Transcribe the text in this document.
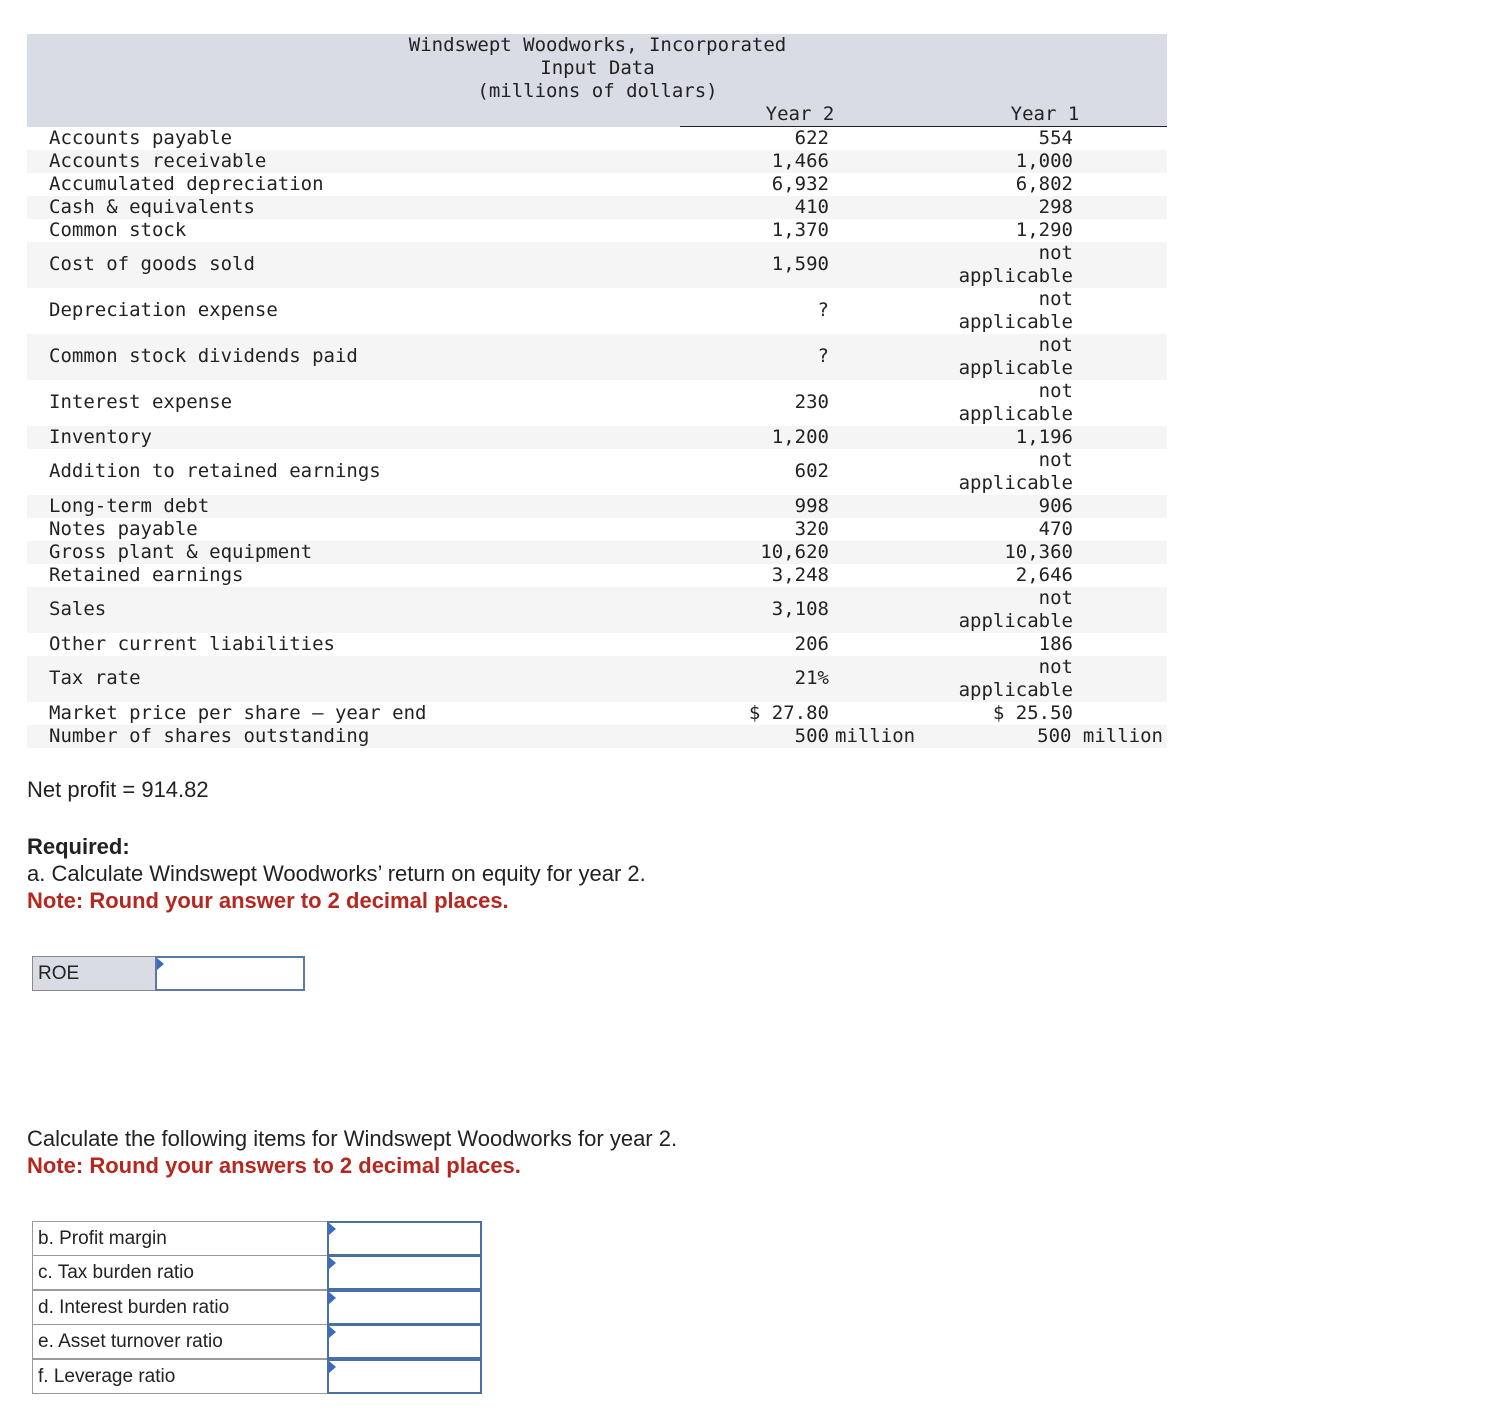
Windswept Woodworks, Incorporated
Input Data
(millions of dollars)
Year 2	Year 1
Accounts payable	622	554
Accounts receivable	1,466	1,000
Accumulated depreciation	6,932	6,802
Cash & equivalents	410	298
Common stock	1,370	1,290
Cost of goods sold	1,590	not
applicable
Depreciation expense	?	not
applicable
Common stock dividends paid	?	not
applicable
Interest expense	230	not
applicable
Inventory	1,200	1,196
Addition to retained earnings	602	not
applicable
Long-term debt	998	906
Notes payable	320	470
Gross plant & equipment	10,620	10,360
Retained earnings	3,248	2,646
Sales	3,108	not
applicable
Other current liabilities	206	186
Tax rate	21%	not
applicable
Market price per share – year end	$ 27.80	$ 25.50
Number of shares outstanding	500 million	500 million
Net profit = 914.82
Required:
a. Calculate Windswept Woodworks’ return on equity for year 2.
Note: Round your answer to 2 decimal places.
ROE
Calculate the following items for Windswept Woodworks for year 2.
Note: Round your answers to 2 decimal places.
b. Profit margin
c. Tax burden ratio
d. Interest burden ratio
e. Asset turnover ratio
f. Leverage ratio
